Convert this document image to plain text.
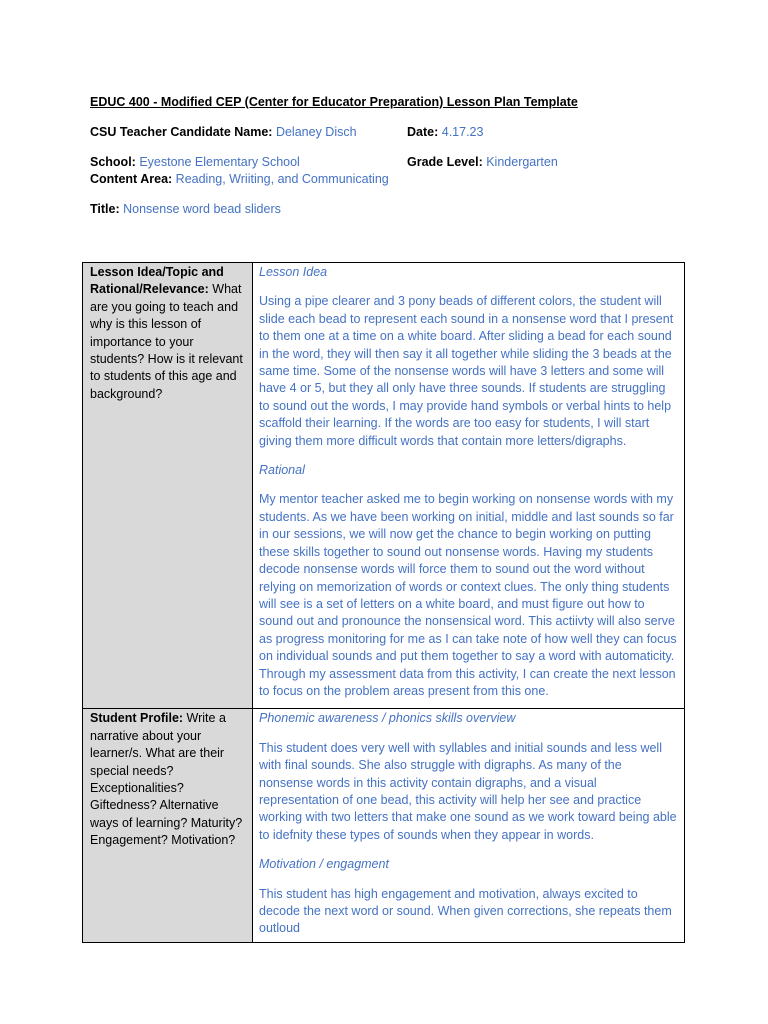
EDUC 400 - Modified CEP (Center for Educator Preparation) Lesson Plan Template
CSU Teacher Candidate Name: Delaney Disch	Date: 4.17.23
School: Eyestone Elementary School	Grade Level: Kindergarten
Content Area: Reading, Wriiting, and Communicating
Title: Nonsense word bead sliders
Lesson Idea/Topic and Rational/Relevance: What are you going to teach and why is this lesson of importance to your students? How is it relevant to students of this age and background?	Lesson Idea

Using a pipe clearer and 3 pony beads of different colors, the student will slide each bead to represent each sound in a nonsense word that I present to them one at a time on a white board. After sliding a bead for each sound in the word, they will then say it all together while sliding the 3 beads at the same time. Some of the nonsense words will have 3 letters and some will have 4 or 5, but they all only have three sounds. If students are struggling to sound out the words, I may provide hand symbols or verbal hints to help scaffold their learning. If the words are too easy for students, I will start giving them more difficult words that contain more letters/digraphs.

Rational

My mentor teacher asked me to begin working on nonsense words with my students. As we have been working on initial, middle and last sounds so far in our sessions, we will now get the chance to begin working on putting these skills together to sound out nonsense words. Having my students decode nonsense words will force them to sound out the word without relying on memorization of words or context clues. The only thing students will see is a set of letters on a white board, and must figure out how to sound out and pronounce the nonsensical word. This actiivty will also serve as progress monitoring for me as I can take note of how well they can focus on individual sounds and put them together to say a word with automaticity. Through my assessment data from this activity, I can create the next lesson to focus on the problem areas present from this one.

Student Profile: Write a narrative about your learner/s. What are their special needs? Exceptionalities? Giftedness? Alternative ways of learning? Maturity? Engagement? Motivation?	Phonemic awareness / phonics skills overview

This student does very well with syllables and initial sounds and less well with final sounds. She also struggle with digraphs. As many of the nonsense words in this activity contain digraphs, and a visual representation of one bead, this activity will help her see and practice working with two letters that make one sound as we work toward being able to idefnity these types of sounds when they appear in words.

Motivation / engagment

This student has high engagement and motivation, always excited to decode the next word or sound. When given corrections, she repeats them outloud
